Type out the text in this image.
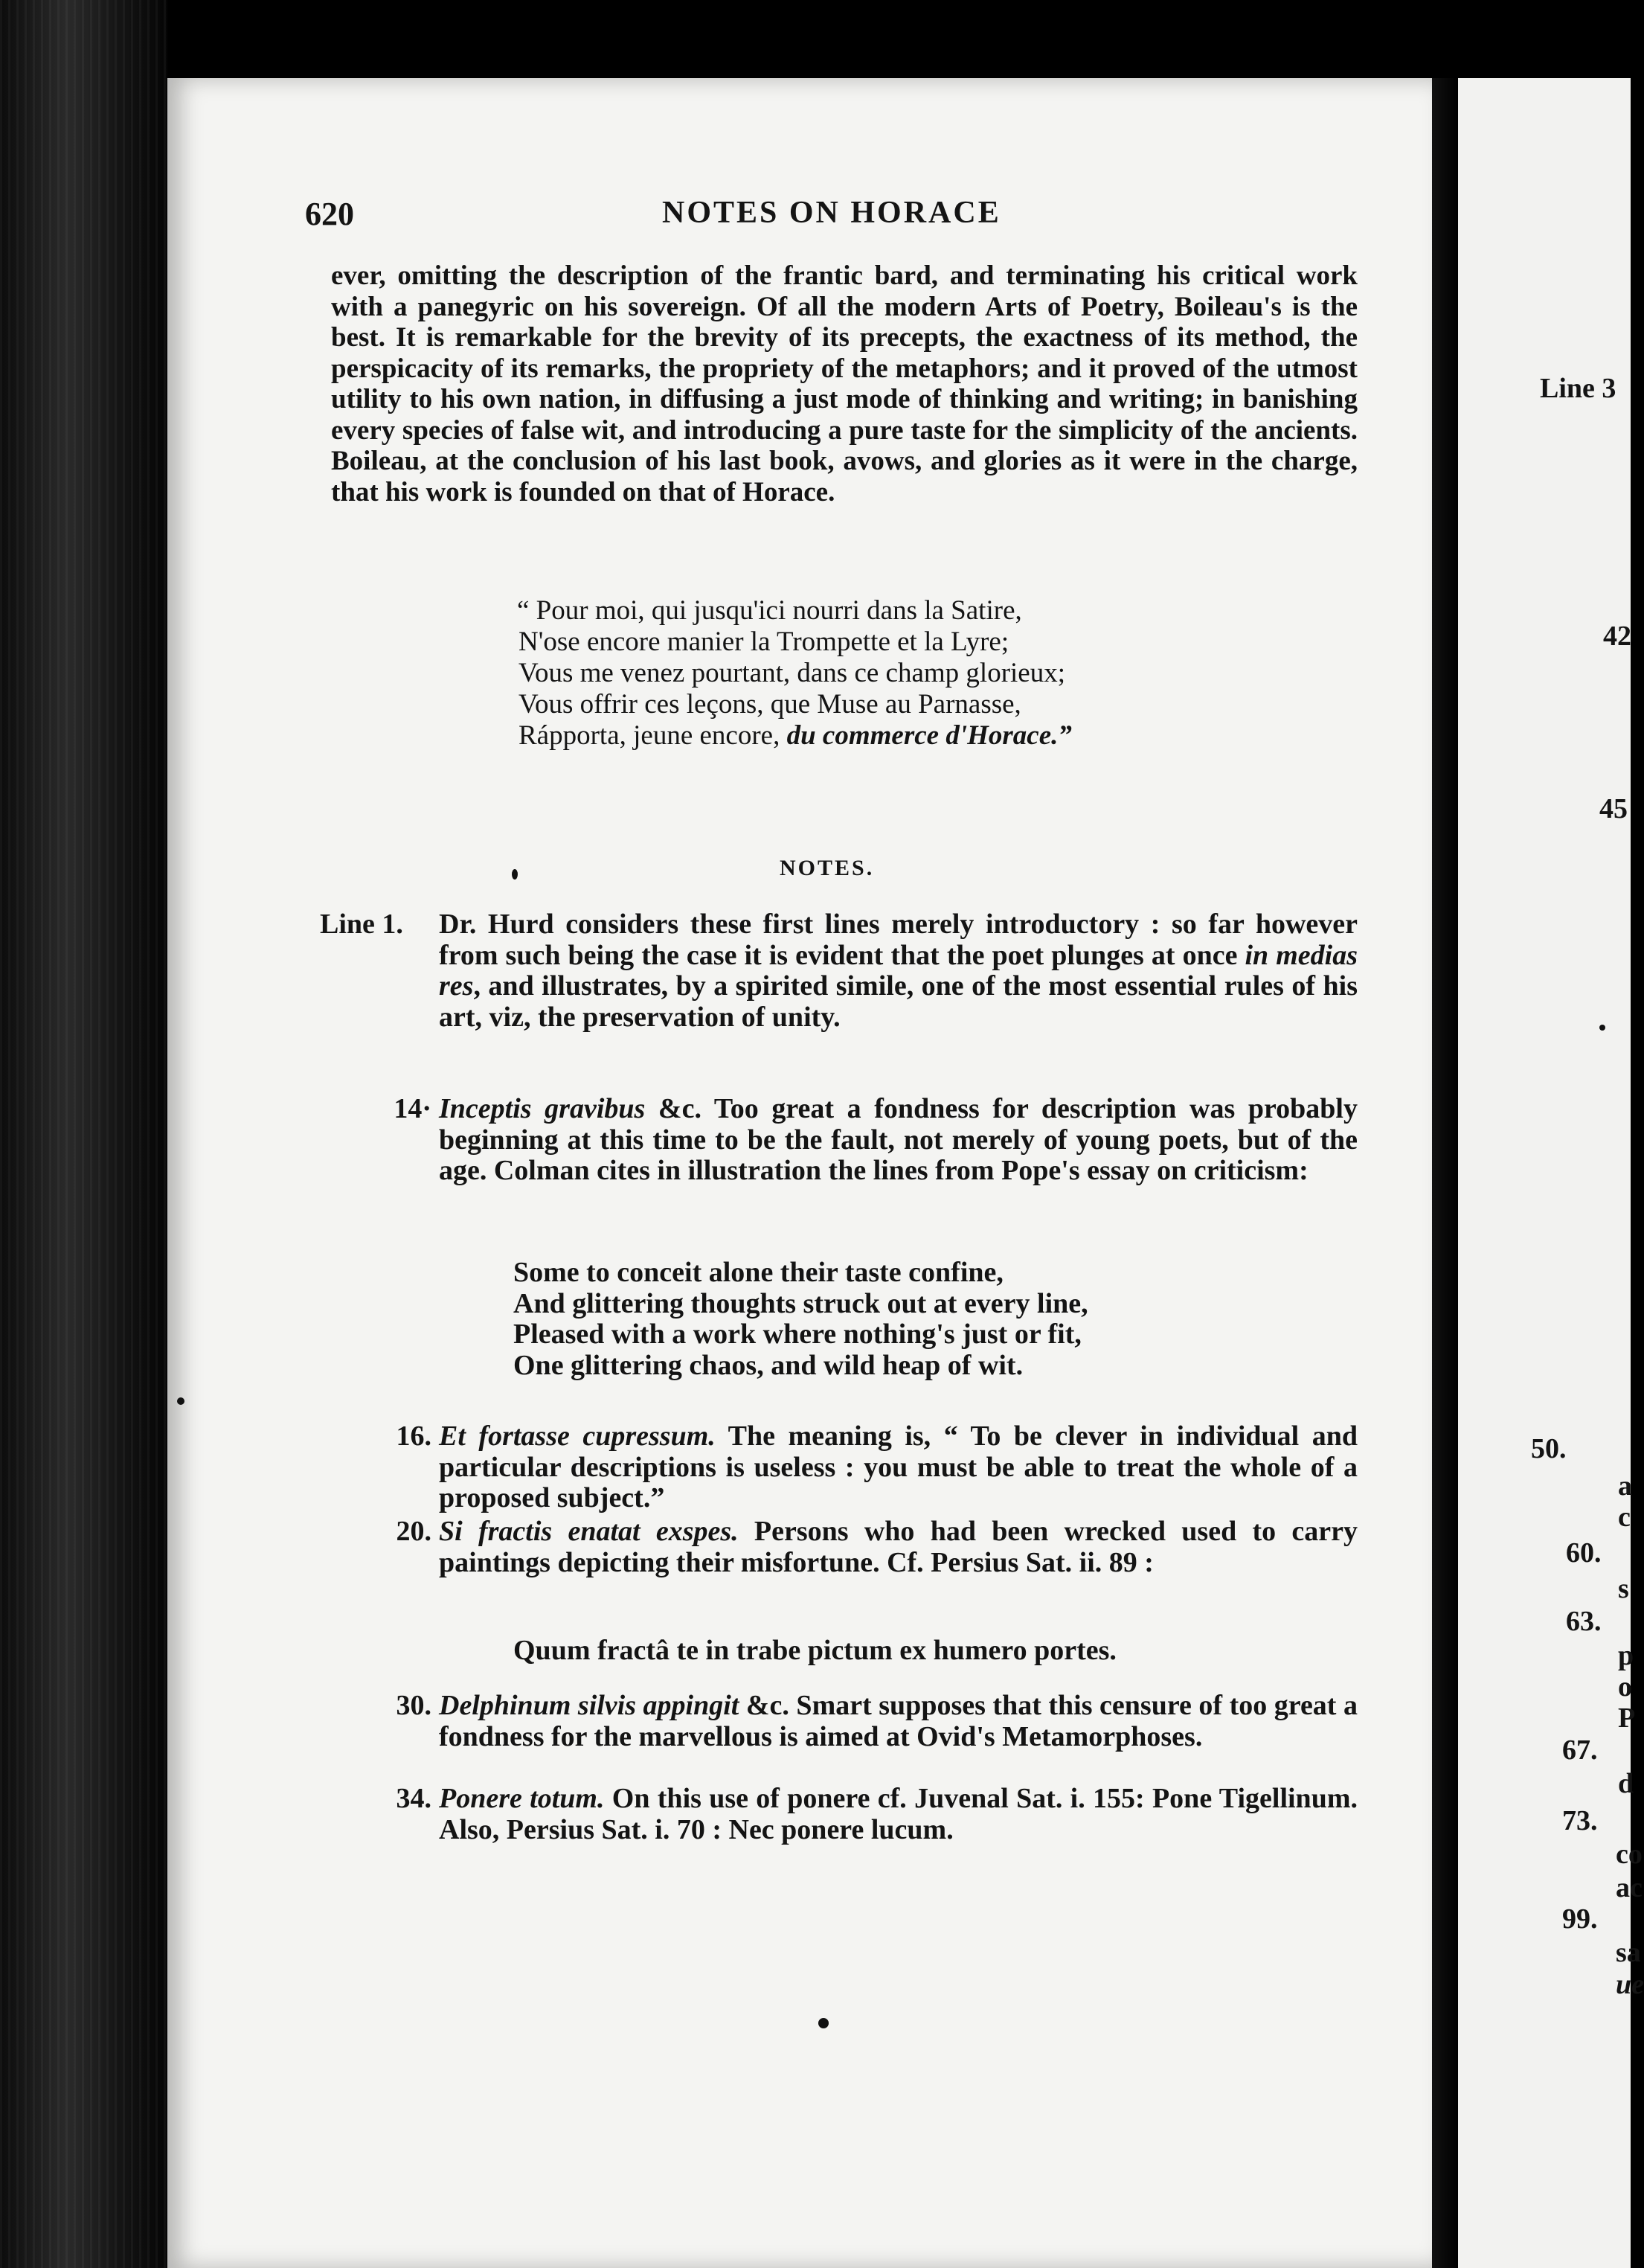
620	NOTES ON HORACE
ever, omitting the description of the frantic bard, and terminating his critical work with a panegyric on his sovereign. Of all the modern Arts of Poetry, Boileau's is the best. It is remarkable for the brevity of its precepts, the exactness of its method, the perspicacity of its remarks, the propriety of the metaphors; and it proved of the utmost utility to his own nation, in diffusing a just mode of thinking and writing; in banishing every species of false wit, and introducing a pure taste for the simplicity of the ancients. Boileau, at the conclusion of his last book, avows, and glories as it were in the charge, that his work is founded on that of Horace.
“ Pour moi, qui jusqu'ici nourri dans la Satire,
N'ose encore manier la Trompette et la Lyre;
Vous me venez pourtant, dans ce champ glorieux;
Vous offrir ces leçons, que Muse au Parnasse,
Rápporta, jeune encore, du commerce d'Horace.”
NOTES.
Line 1.	Dr. Hurd considers these first lines merely introductory : so far however from such being the case it is evident that the poet plunges at once in medias res, and illustrates, by a spirited simile, one of the most essential rules of his art, viz, the preservation of unity.
14· Inceptis gravibus &c. Too great a fondness for description was probably beginning at this time to be the fault, not merely of young poets, but of the age. Colman cites in illustration the lines from Pope's essay on criticism:
Some to conceit alone their taste confine,
And glittering thoughts struck out at every line,
Pleased with a work where nothing's just or fit,
One glittering chaos, and wild heap of wit.
16. Et fortasse cupressum. The meaning is, “ To be clever in individual and particular descriptions is useless : you must be able to treat the whole of a proposed subject.”
20. Si fractis enatat exspes. Persons who had been wrecked used to carry paintings depicting their misfortune. Cf. Persius Sat. ii. 89 :
Quum fractâ te in trabe pictum ex humero portes.
30. Delphinum silvis appingit &c. Smart supposes that this censure of too great a fondness for the marvellous is aimed at Ovid's Metamorphoses.
34. Ponere totum. On this use of ponere cf. Juvenal Sat. i. 155: Pone Tigellinum. Also, Persius Sat. i. 70 : Nec ponere lucum.
Line 3
42
45
50.
a
c
60.
s
63.
p
o
P
67.
d
73.
co
ac
99.
sa
ue
